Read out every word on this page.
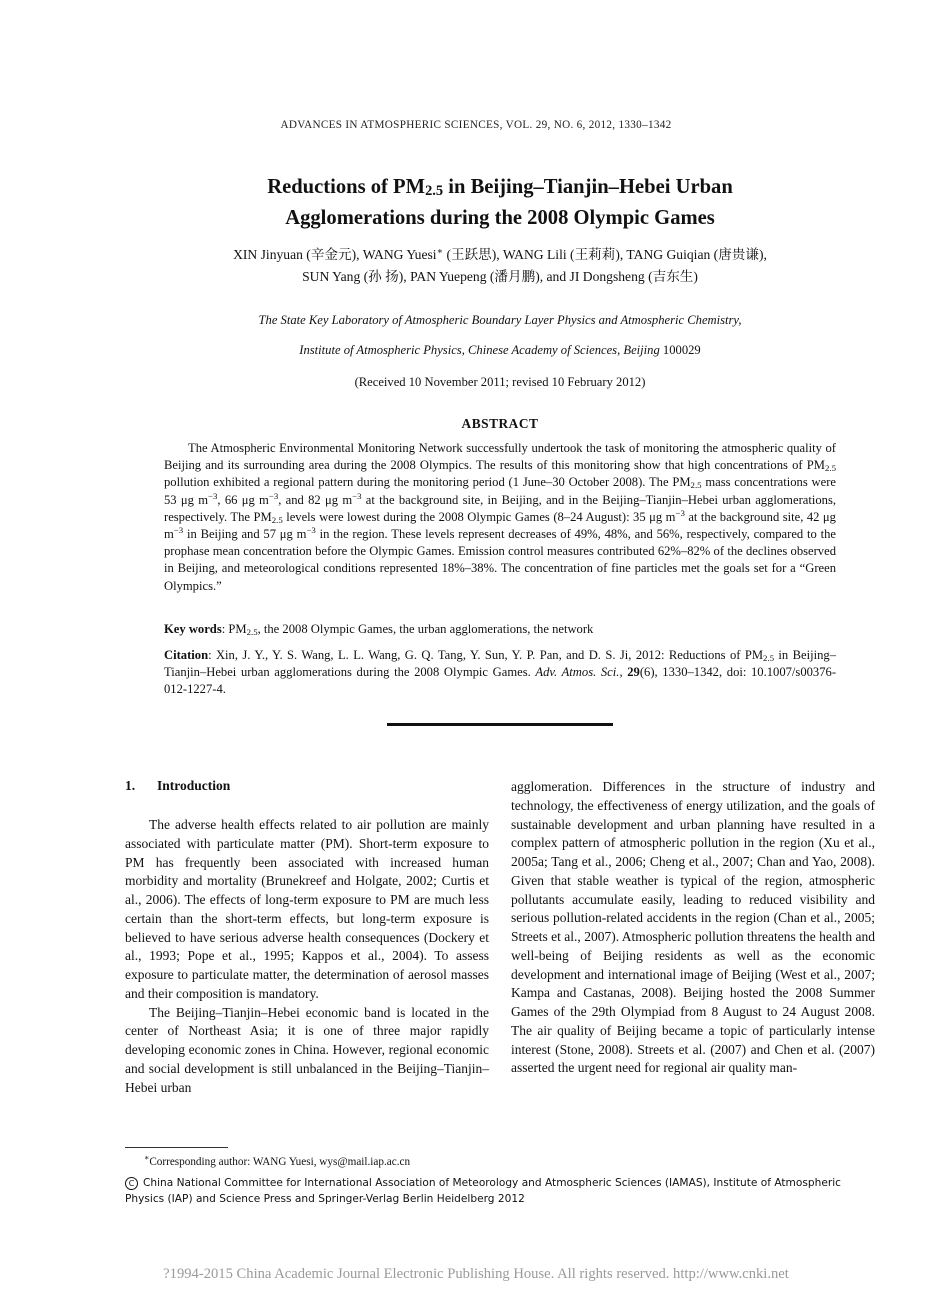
ADVANCES IN ATMOSPHERIC SCIENCES, VOL. 29, NO. 6, 2012, 1330–1342
Reductions of $PM_{2.5}$ in Beijing–Tianjin–Hebei Urban
Agglomerations during the 2008 Olympic Games
XIN Jinyuan (辛金元), WANG Yuesi∗ (王跃思), WANG Lili (王莉莉), TANG Guiqian (唐贵谦),
SUN Yang (孙 扬), PAN Yuepeng (潘月鹏), and JI Dongsheng (吉东生)
The State Key Laboratory of Atmospheric Boundary Layer Physics and Atmospheric Chemistry,
Institute of Atmospheric Physics, Chinese Academy of Sciences, Beijing 100029
(Received 10 November 2011; revised 10 February 2012)
ABSTRACT

The Atmospheric Environmental Monitoring Network successfully undertook the task of monitoring the atmospheric quality of Beijing and its surrounding area during the 2008 Olympics. The results of this monitoring show that high concentrations of $PM_{2.5}$ pollution exhibited a regional pattern during the monitoring period (1 June–30 October 2008). The $PM_{2.5}$ mass concentrations were 53 μg $m^{-3}$, 66 μg $m^{-3}$, and 82 μg $m^{-3}$ at the background site, in Beijing, and in the Beijing–Tianjin–Hebei urban agglomerations, respectively. The $PM_{2.5}$ levels were lowest during the 2008 Olympic Games (8–24 August): 35 μg $m^{-3}$ at the background site, 42 μg $m^{-3}$ in Beijing and 57 μg $m^{-3}$ in the region. These levels represent decreases of 49%, 48%, and 56%, respectively, compared to the prophase mean concentration before the Olympic Games. Emission control measures contributed 62%–82% of the declines observed in Beijing, and meteorological conditions represented 18%–38%. The concentration of fine particles met the goals set for a “Green Olympics.”

Key words: $PM_{2.5}$, the 2008 Olympic Games, the urban agglomerations, the network
Citation: Xin, J. Y., Y. S. Wang, L. L. Wang, G. Q. Tang, Y. Sun, Y. P. Pan, and D. S. Ji, 2012: Reductions of $PM_{2.5}$ in Beijing–Tianjin–Hebei urban agglomerations during the 2008 Olympic Games. Adv. Atmos. Sci., 29(6), 1330–1342, doi: 10.1007/s00376-012-1227-4.
1. Introduction

The adverse health effects related to air pollution are mainly associated with particulate matter (PM). Short-term exposure to PM has frequently been associated with increased human morbidity and mortality (Brunekreef and Holgate, 2002; Curtis et al., 2006). The effects of long-term exposure to PM are much less certain than the short-term effects, but long-term exposure is believed to have serious adverse health consequences (Dockery et al., 1993; Pope et al., 1995; Kappos et al., 2004). To assess exposure to particulate matter, the determination of aerosol masses and their composition is mandatory.

The Beijing–Tianjin–Hebei economic band is located in the center of Northeast Asia; it is one of three major rapidly developing economic zones in China. However, regional economic and social development is still unbalanced in the Beijing–Tianjin–Hebei urban

agglomeration. Differences in the structure of industry and technology, the effectiveness of energy utilization, and the goals of sustainable development and urban planning have resulted in a complex pattern of atmospheric pollution in the region (Xu et al., 2005a; Tang et al., 2006; Cheng et al., 2007; Chan and Yao, 2008). Given that stable weather is typical of the region, atmospheric pollutants accumulate easily, leading to reduced visibility and serious pollution-related accidents in the region (Chan et al., 2005; Streets et al., 2007). Atmospheric pollution threatens the health and well-being of Beijing residents as well as the economic development and international image of Beijing (West et al., 2007; Kampa and Castanas, 2008). Beijing hosted the 2008 Summer Games of the 29th Olympiad from 8 August to 24 August 2008. The air quality of Beijing became a topic of particularly intense interest (Stone, 2008). Streets et al. (2007) and Chen et al. (2007) asserted the urgent need for regional air quality man-

∗Corresponding author: WANG Yuesi, wys@mail.iap.ac.cn
C China National Committee for International Association of Meteorology and Atmospheric Sciences (IAMAS), Institute of Atmospheric Physics (IAP) and Science Press and Springer-Verlag Berlin Heidelberg 2012
?1994-2015 China Academic Journal Electronic Publishing House. All rights reserved. http://www.cnki.net
